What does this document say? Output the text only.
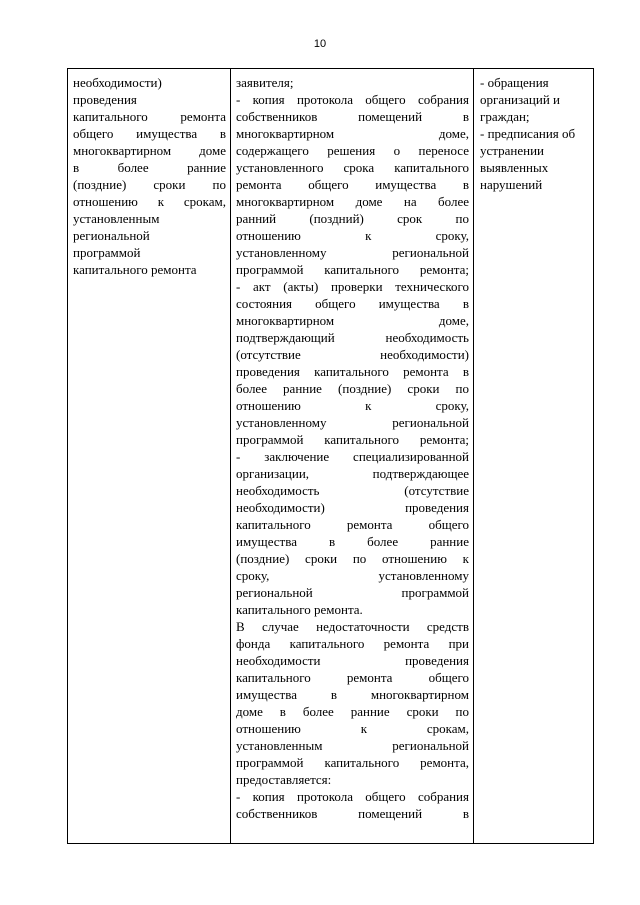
10
необходимости)
проведения
капитального ремонта
общего имущества в
многоквартирном доме
в более ранние
(поздние) сроки по
отношению к срокам,
установленным
региональной
программой
капитального ремонта
заявителя;
- копия протокола общего собрания
собственников помещений в
многоквартирном доме,
содержащего решения о переносе
установленного срока капитального
ремонта общего имущества в
многоквартирном доме на более
ранний (поздний) срок по
отношению к сроку,
установленному региональной
программой капитального ремонта;
- акт (акты) проверки технического
состояния общего имущества в
многоквартирном доме,
подтверждающий необходимость
(отсутствие необходимости)
проведения капитального ремонта в
более ранние (поздние) сроки по
отношению к сроку,
установленному региональной
программой капитального ремонта;
- заключение специализированной
организации, подтверждающее
необходимость (отсутствие
необходимости) проведения
капитального ремонта общего
имущества в более ранние
(поздние) сроки по отношению к
сроку, установленному
региональной программой
капитального ремонта.
В случае недостаточности средств
фонда капитального ремонта при
необходимости проведения
капитального ремонта общего
имущества в многоквартирном
доме в более ранние сроки по
отношению к срокам,
установленным региональной
программой капитального ремонта,
предоставляется:
- копия протокола общего собрания
собственников помещений в
- обращения
организаций и
граждан;
- предписания об
устранении
выявленных
нарушений
